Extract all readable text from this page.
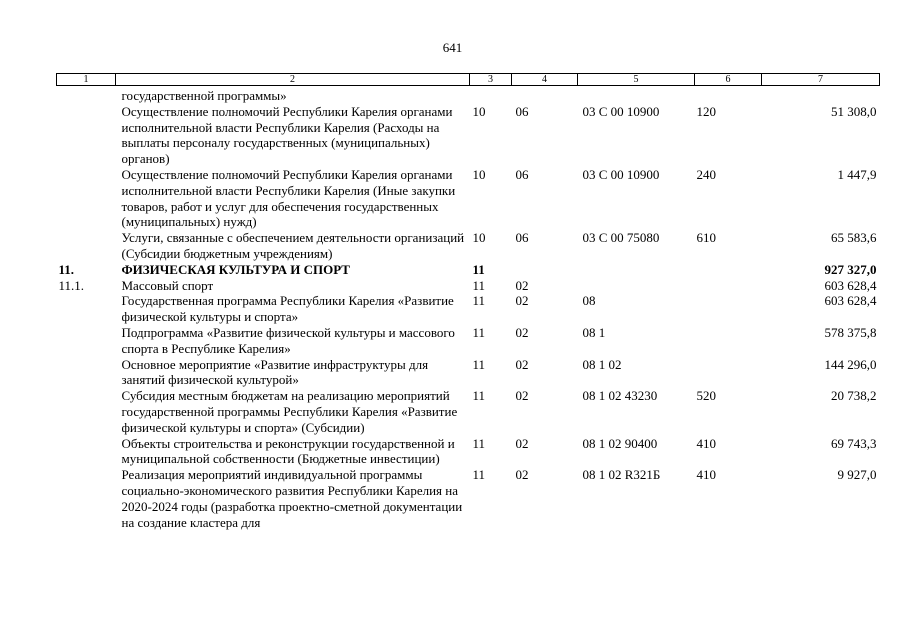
641
1	2	3	4	5	6	7

	государственной программы»					
	Осуществление полномочий Республики Карелия органами исполнительной власти Республики Карелия (Расходы на выплаты персоналу государственных (муниципальных) органов)	10	06	03 С 00 10900	120	51 308,0
	Осуществление полномочий Республики Карелия органами исполнительной власти Республики Карелия (Иные закупки товаров, работ и услуг для обеспечения государственных (муниципальных) нужд)	10	06	03 С 00 10900	240	1 447,9
	Услуги, связанные с обеспечением деятельности организаций (Субсидии бюджетным учреждениям)	10	06	03 С 00 75080	610	65 583,6
11.	ФИЗИЧЕСКАЯ КУЛЬТУРА И СПОРТ	11				927 327,0
11.1.	Массовый спорт	11	02			603 628,4
	Государственная программа Республики Карелия «Развитие физической культуры и спорта»	11	02	08		603 628,4
	Подпрограмма «Развитие физической культуры и массового спорта в Республике Карелия»	11	02	08 1		578 375,8
	Основное мероприятие «Развитие инфраструктуры для занятий физической культурой»	11	02	08 1 02		144 296,0
	Субсидия местным бюджетам на реализацию мероприятий государственной программы Республики Карелия «Развитие физической культуры и спорта» (Субсидии)	11	02	08 1 02 43230	520	20 738,2
	Объекты строительства и реконструкции государственной и муниципальной собственности (Бюджетные инвестиции)	11	02	08 1 02 90400	410	69 743,3
	Реализация мероприятий индивидуальной программы социально-экономического развития Республики Карелия на 2020-2024 годы (разработка проектно-сметной документации на создание кластера для	11	02	08 1 02 R321Б	410	9 927,0
